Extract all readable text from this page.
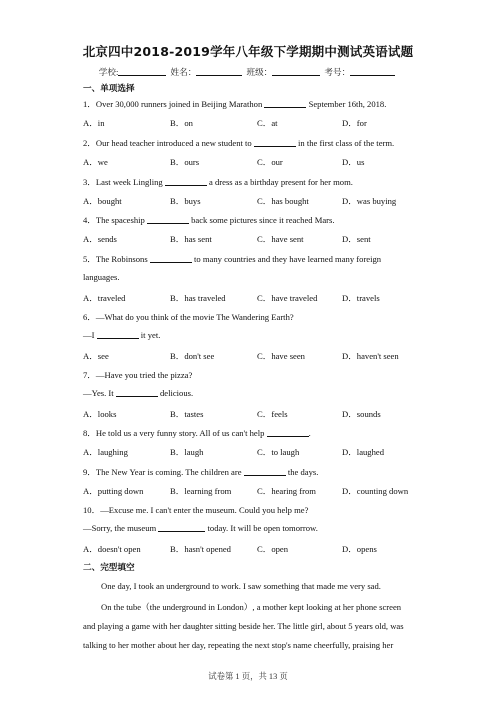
北京四中2018-2019学年八年级下学期期中测试英语试题
学校:	姓名：	班级：	考号：
一、单项选择
1．Over 30,000 runners joined in Beijing Marathon	September 16th, 2018.
A．in	B．on	C．at	D．for
2．Our head teacher introduced a new student to	in the first class of the term.
A．we	B．ours	C．our	D．us
3．Last week Lingling	a dress as a birthday present for her mom.
A．bought	B．buys	C．has bought	D．was buying
4．The spaceship	back some pictures since it reached Mars.
A．sends	B．has sent	C．have sent	D．sent
5．The Robinsons	to many countries and they have learned many foreign
languages.
A．traveled	B．has traveled	C．have traveled	D．travels
6．—What do you think of the movie The Wandering Earth?
—I	it yet.
A．see	B．don't see	C．have seen	D．haven't seen
7．—Have you tried the pizza?
—Yes. It	delicious.
A．looks	B．tastes	C．feels	D．sounds
8．He told us a very funny story. All of us can't help	.
A．laughing	B．laugh	C．to laugh	D．laughed
9．The New Year is coming. The children are	the days.
A．putting down	B．learning from	C．hearing from	D．counting down
10．—Excuse me. I can't enter the museum. Could you help me?
—Sorry, the museum	today. It will be open tomorrow.
A．doesn't open	B．hasn't opened	C．open	D．opens
二、完型填空
One day, I took an underground to work. I saw something that made me very sad.
On the tube（the underground in London）, a mother kept looking at her phone screen
and playing a game with her daughter sitting beside her. The little girl, about 5 years old, was
talking to her mother about her day, repeating the next stop's name cheerfully, praising her
试卷第 1 页，共 13 页
